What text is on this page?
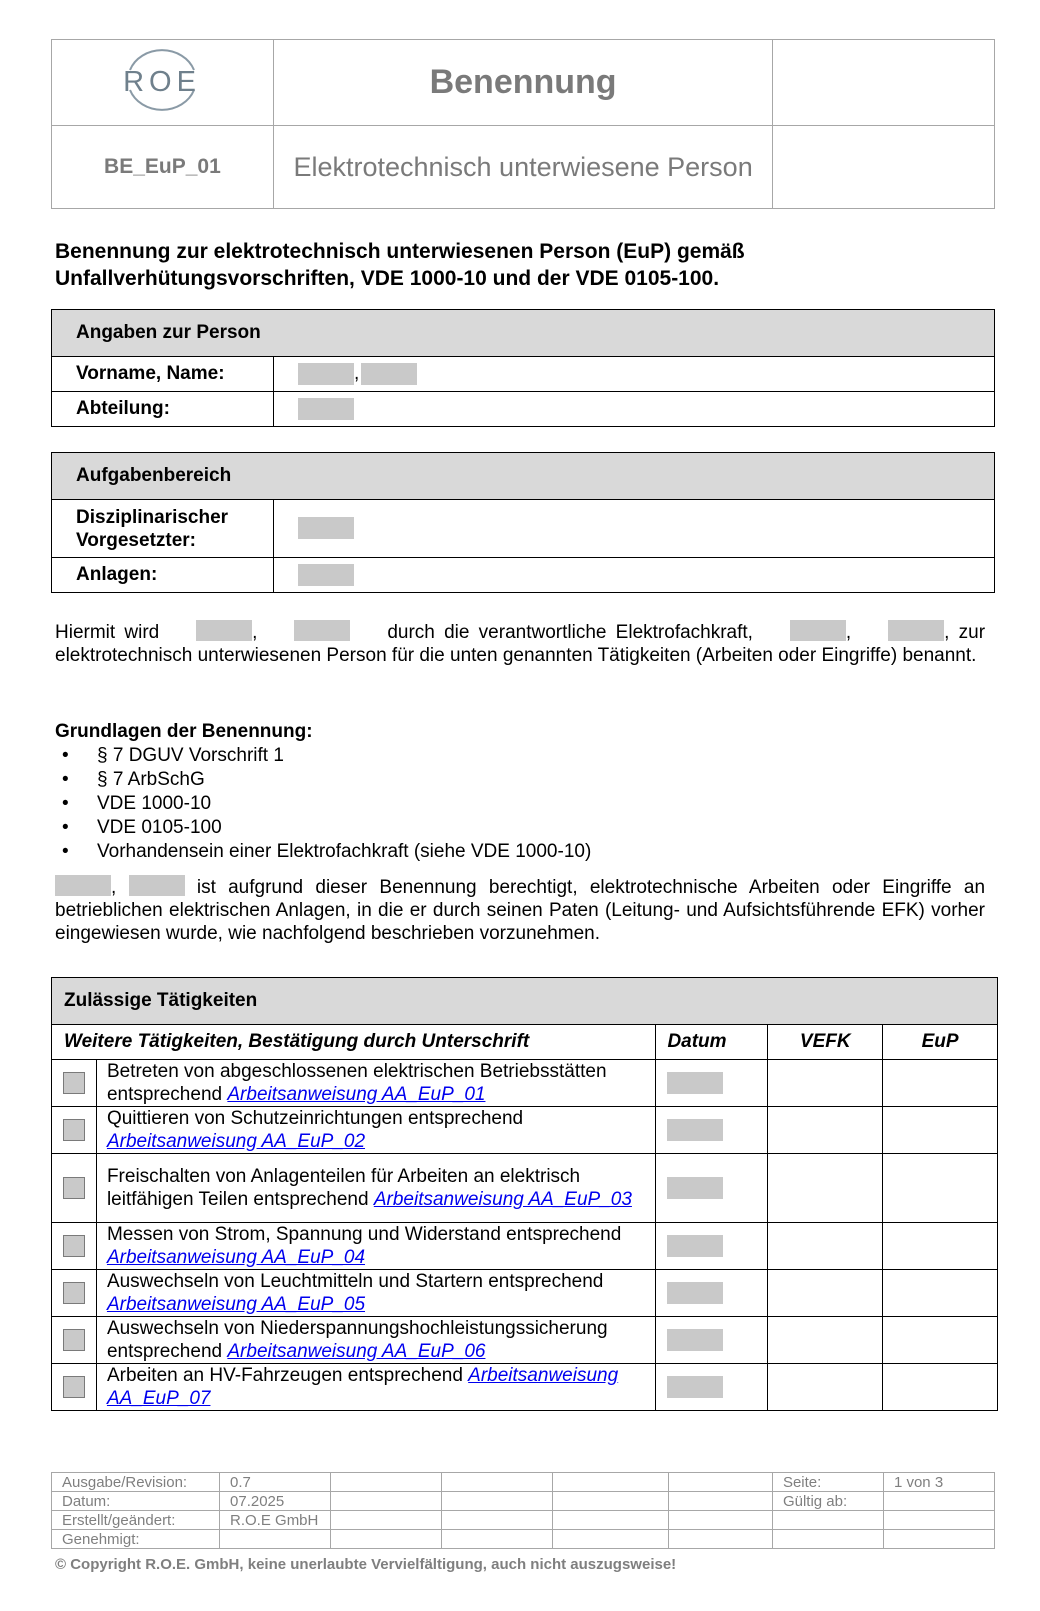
ROE	Benennung	
BE_EuP_01	Elektrotechnisch unterwiesene Person	
Benennung zur elektrotechnisch unterwiesenen Person (EuP) gemäß Unfallverhütungsvorschriften, VDE 1000-10 und der VDE 0105-100.
Angaben zur Person	
Vorname, Name:	,
Abteilung:	
Aufgabenbereich	
Disziplinarischer Vorgesetzter:	
Anlagen:	
Hiermit wird	,	durch die verantwortliche Elektrofachkraft,	,	, zur elektrotechnisch unterwiesenen Person für die unten genannten Tätigkeiten (Arbeiten oder Eingriffe) benannt.
Grundlagen der Benennung:
• § 7 DGUV Vorschrift 1
• § 7 ArbSchG
• VDE 1000-10
• VDE 0105-100
• Vorhandensein einer Elektrofachkraft (siehe VDE 1000-10)
,	ist aufgrund dieser Benennung berechtigt, elektrotechnische Arbeiten oder Eingriffe an betrieblichen elektrischen Anlagen, in die er durch seinen Paten (Leitung- und Aufsichtsführende EFK) vorher eingewiesen wurde, wie nachfolgend beschrieben vorzunehmen.
Zulässige Tätigkeiten				
Weitere Tätigkeiten, Bestätigung durch Unterschrift		Datum	VEFK	EuP
	Betreten von abgeschlossenen elektrischen Betriebsstätten entsprechend Arbeitsanweisung AA_EuP_01			
	Quittieren von Schutzeinrichtungen entsprechend Arbeitsanweisung AA_EuP_02			
	Freischalten von Anlagenteilen für Arbeiten an elektrisch leitfähigen Teilen entsprechend Arbeitsanweisung AA_EuP_03			
	Messen von Strom, Spannung und Widerstand entsprechend Arbeitsanweisung AA_EuP_04			
	Auswechseln von Leuchtmitteln und Startern entsprechend Arbeitsanweisung AA_EuP_05			
	Auswechseln von Niederspannungshochleistungssicherung entsprechend Arbeitsanweisung AA_EuP_06			
	Arbeiten an HV-Fahrzeugen entsprechend Arbeitsanweisung AA_EuP_07			
Ausgabe/Revision:	0.7					Seite:	1 von 3
Datum:	07.2025					Gültig ab:	
Erstellt/geändert:	R.O.E GmbH						
Genehmigt:							
© Copyright R.O.E. GmbH, keine unerlaubte Vervielfältigung, auch nicht auszugsweise!
